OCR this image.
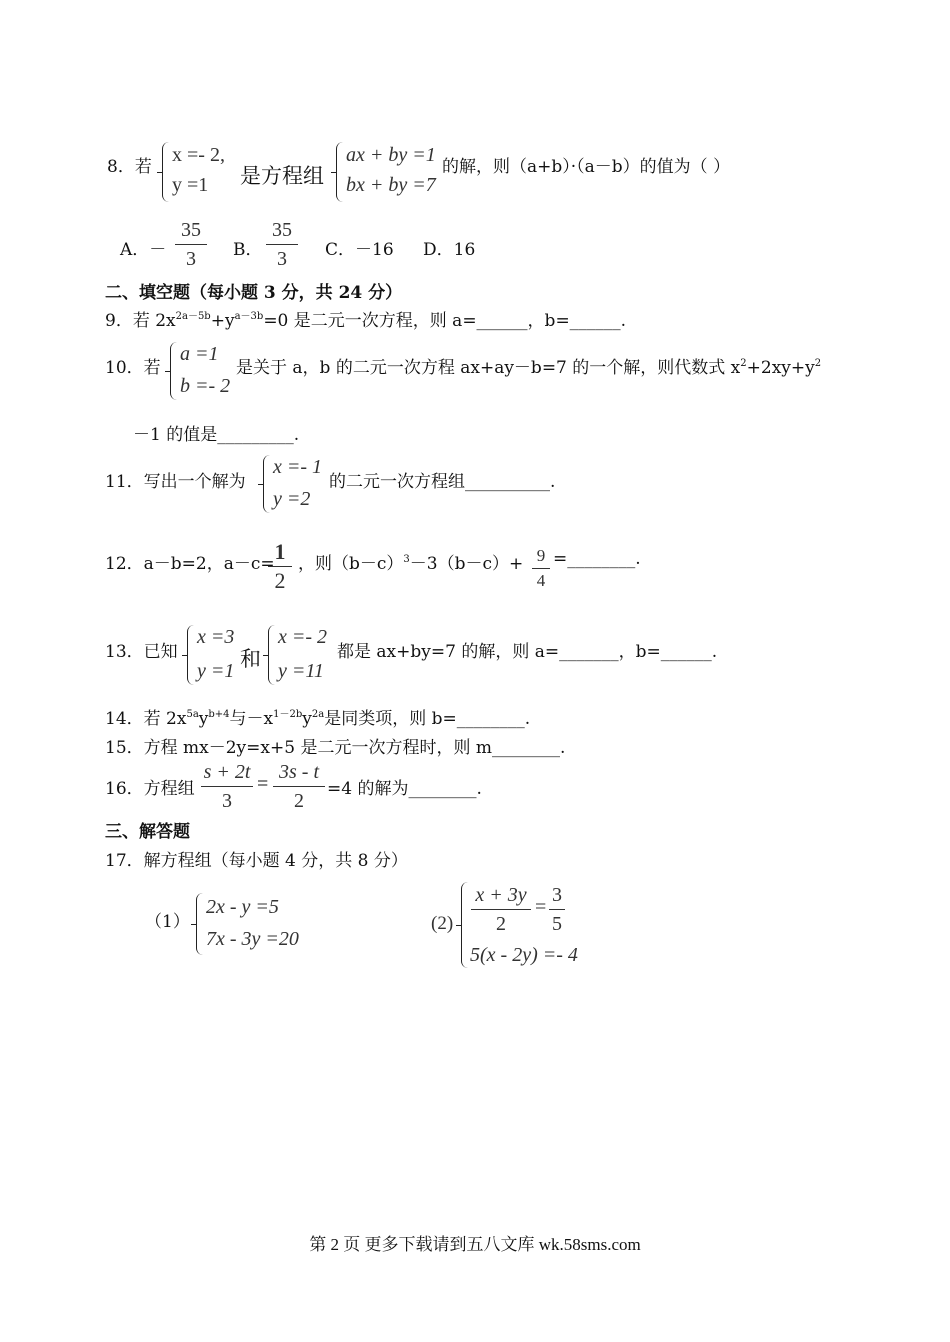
8．若
x =- 2,
y =1 是方程组
ax + by =1
bx + by =7
的解，则（a+b）·（a－b）的值为（ ）
A．－
35
3	B．
35
3	C．－16 D．16
二、填空题（每小题 3 分，共 24 分）
9．若 $2x^{2a-5b}+y^{a-3b}=0$ 是二元一次方程，则 a=______，b=______.
10．若
a =1
b =- 2
是关于 a，b 的二元一次方程 ax+ay－b=7 的一个解，则代数式 $x^2+2xy+y^2$
－1 的值是_________.
11．写出一个解为
x =- 1
y =2
的二元一次方程组__________.
12．a－b=2，a－c= 1
2
，则$(b-c)^3-3(b-c)+ 9$
4
=________.
13．已知
x =3
y =1 和
x =- 2
y =11
都是 ax+by=7 的解，则 a=_______，b=______.
14．若 $2x^{5a}y^{b+4}$与$-x^{1-2b}y^{2a}$是同类项，则 b=________.
15．方程 mx－2y=x+5 是二元一次方程时，则 m________.
16．方程组
s + 2t
3
=
3s - t
2
=4 的解为________.
三、解答题
17．解方程组（每小题 4 分，共 8 分）
（1）
2x - y =5
7x - 3y =20
(2)
x + 3y
2
=
3
5
5(x - 2y) =- 4
第 2 页 更多下载请到五八文库 wk.58sms.com
